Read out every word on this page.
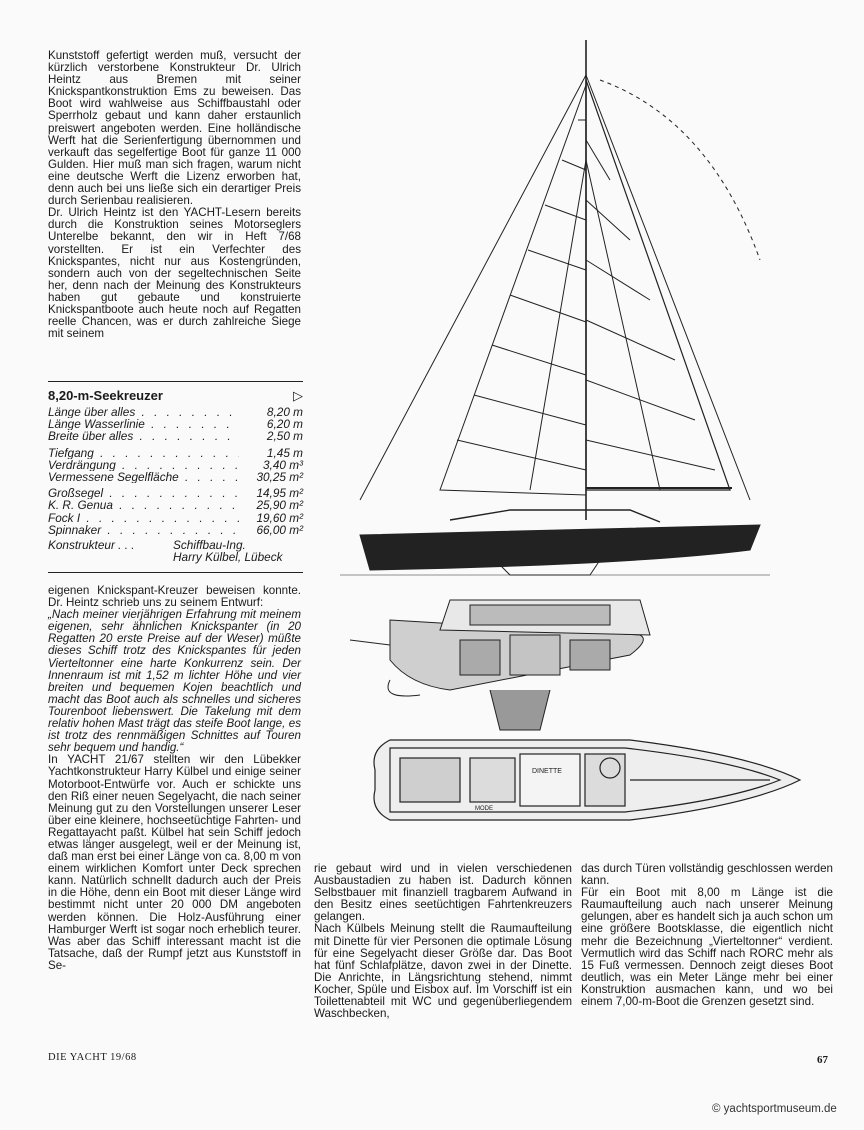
Kunststoff gefertigt werden muß, versucht der kürzlich verstorbene Konstrukteur Dr. Ulrich Heintz aus Bremen mit seiner Knickspantkonstruktion Ems zu beweisen. Das Boot wird wahlweise aus Schiffbaustahl oder Sperrholz gebaut und kann daher erstaunlich preiswert angeboten werden. Eine holländische Werft hat die Serienfertigung übernommen und verkauft das segelfertige Boot für ganze 11 000 Gulden. Hier muß man sich fragen, warum nicht eine deutsche Werft die Lizenz erworben hat, denn auch bei uns ließe sich ein derartiger Preis durch Serienbau realisieren.

Dr. Ulrich Heintz ist den YACHT-Lesern bereits durch die Konstruktion seines Motorseglers Unterelbe bekannt, den wir in Heft 7/68 vorstellten. Er ist ein Verfechter des Knickspantes, nicht nur aus Kostengründen, sondern auch von der segeltechnischen Seite her, denn nach der Meinung des Konstrukteurs haben gut gebaute und konstruierte Knickspantboote auch heute noch auf Regatten reelle Chancen, was er durch zahlreiche Siege mit seinem

8,20-m-Seekreuzer	▷
Länge über alles . . .	8,20 m
Länge Wasserlinie . . .	6,20 m
Breite über alles . . .	2,50 m
Tiefgang . . .	1,45 m
Verdrängung . . .	3,40 m³
Vermessene Segelfläche . . .	30,25 m²
Großsegel . . .	14,95 m²
K. R. Genua . . .	25,90 m²
Fock I . . .	19,60 m²
Spinnaker . . .	66,00 m²
Konstrukteur . . .	Schiffbau-Ing.
Harry Külbel, Lübeck

eigenen Knickspant-Kreuzer beweisen konnte. Dr. Heintz schrieb uns zu seinem Entwurf:

„Nach meiner vierjährigen Erfahrung mit meinem eigenen, sehr ähnlichen Knickspanter (in 20 Regatten 20 erste Preise auf der Weser) müßte dieses Schiff trotz des Knickspantes für jeden Vierteltonner eine harte Konkurrenz sein. Der Innenraum ist mit 1,52 m lichter Höhe und vier breiten und bequemen Kojen beachtlich und macht das Boot auch als schnelles und sicheres Tourenboot liebenswert. Die Takelung mit dem relativ hohen Mast trägt das steife Boot lange, es ist trotz des rennmäßigen Schnittes auf Touren sehr bequem und handig.“

In YACHT 21/67 stellten wir den Lübekker Yachtkonstrukteur Harry Külbel und einige seiner Motorboot-Entwürfe vor. Auch er schickte uns den Riß einer neuen Segelyacht, die nach seiner Meinung gut zu den Vorstellungen unserer Leser über eine kleinere, hochseetüchtige Fahrten- und Regattayacht paßt. Külbel hat sein Schiff jedoch etwas länger ausgelegt, weil er der Meinung ist, daß man erst bei einer Länge von ca. 8,00 m von einem wirklichen Komfort unter Deck sprechen kann. Natürlich schnellt dadurch auch der Preis in die Höhe, denn ein Boot mit dieser Länge wird bestimmt nicht unter 20 000 DM angeboten werden können. Die Holz-Ausführung einer Hamburger Werft ist sogar noch erheblich teurer. Was aber das Schiff interessant macht ist die Tatsache, daß der Rumpf jetzt aus Kunststoff in Se-

rie gebaut wird und in vielen verschiedenen Ausbaustadien zu haben ist. Dadurch können Selbstbauer mit finanziell tragbarem Aufwand in den Besitz eines seetüchtigen Fahrtenkreuzers gelangen.

Nach Külbels Meinung stellt die Raumaufteilung mit Dinette für vier Personen die optimale Lösung für eine Segelyacht dieser Größe dar. Das Boot hat fünf Schlafplätze, davon zwei in der Dinette. Die Anrichte, in Längsrichtung stehend, nimmt Kocher, Spüle und Eisbox auf. Im Vorschiff ist ein Toilettenabteil mit WC und gegenüberliegendem Waschbecken,

das durch Türen vollständig geschlossen werden kann.

Für ein Boot mit 8,00 m Länge ist die Raumaufteilung auch nach unserer Meinung gelungen, aber es handelt sich ja auch schon um eine größere Bootsklasse, die eigentlich nicht mehr die Bezeichnung „Vierteltonner“ verdient. Vermutlich wird das Schiff nach RORC mehr als 15 Fuß vermessen. Dennoch zeigt dieses Boot deutlich, was ein Meter Länge mehr bei einer Konstruktion ausmachen kann, und wo bei einem 7,00-m-Boot die Grenzen gesetzt sind.

DINETTE
MODE
DIE YACHT 19/68	67
© yachtsportmuseum.de
